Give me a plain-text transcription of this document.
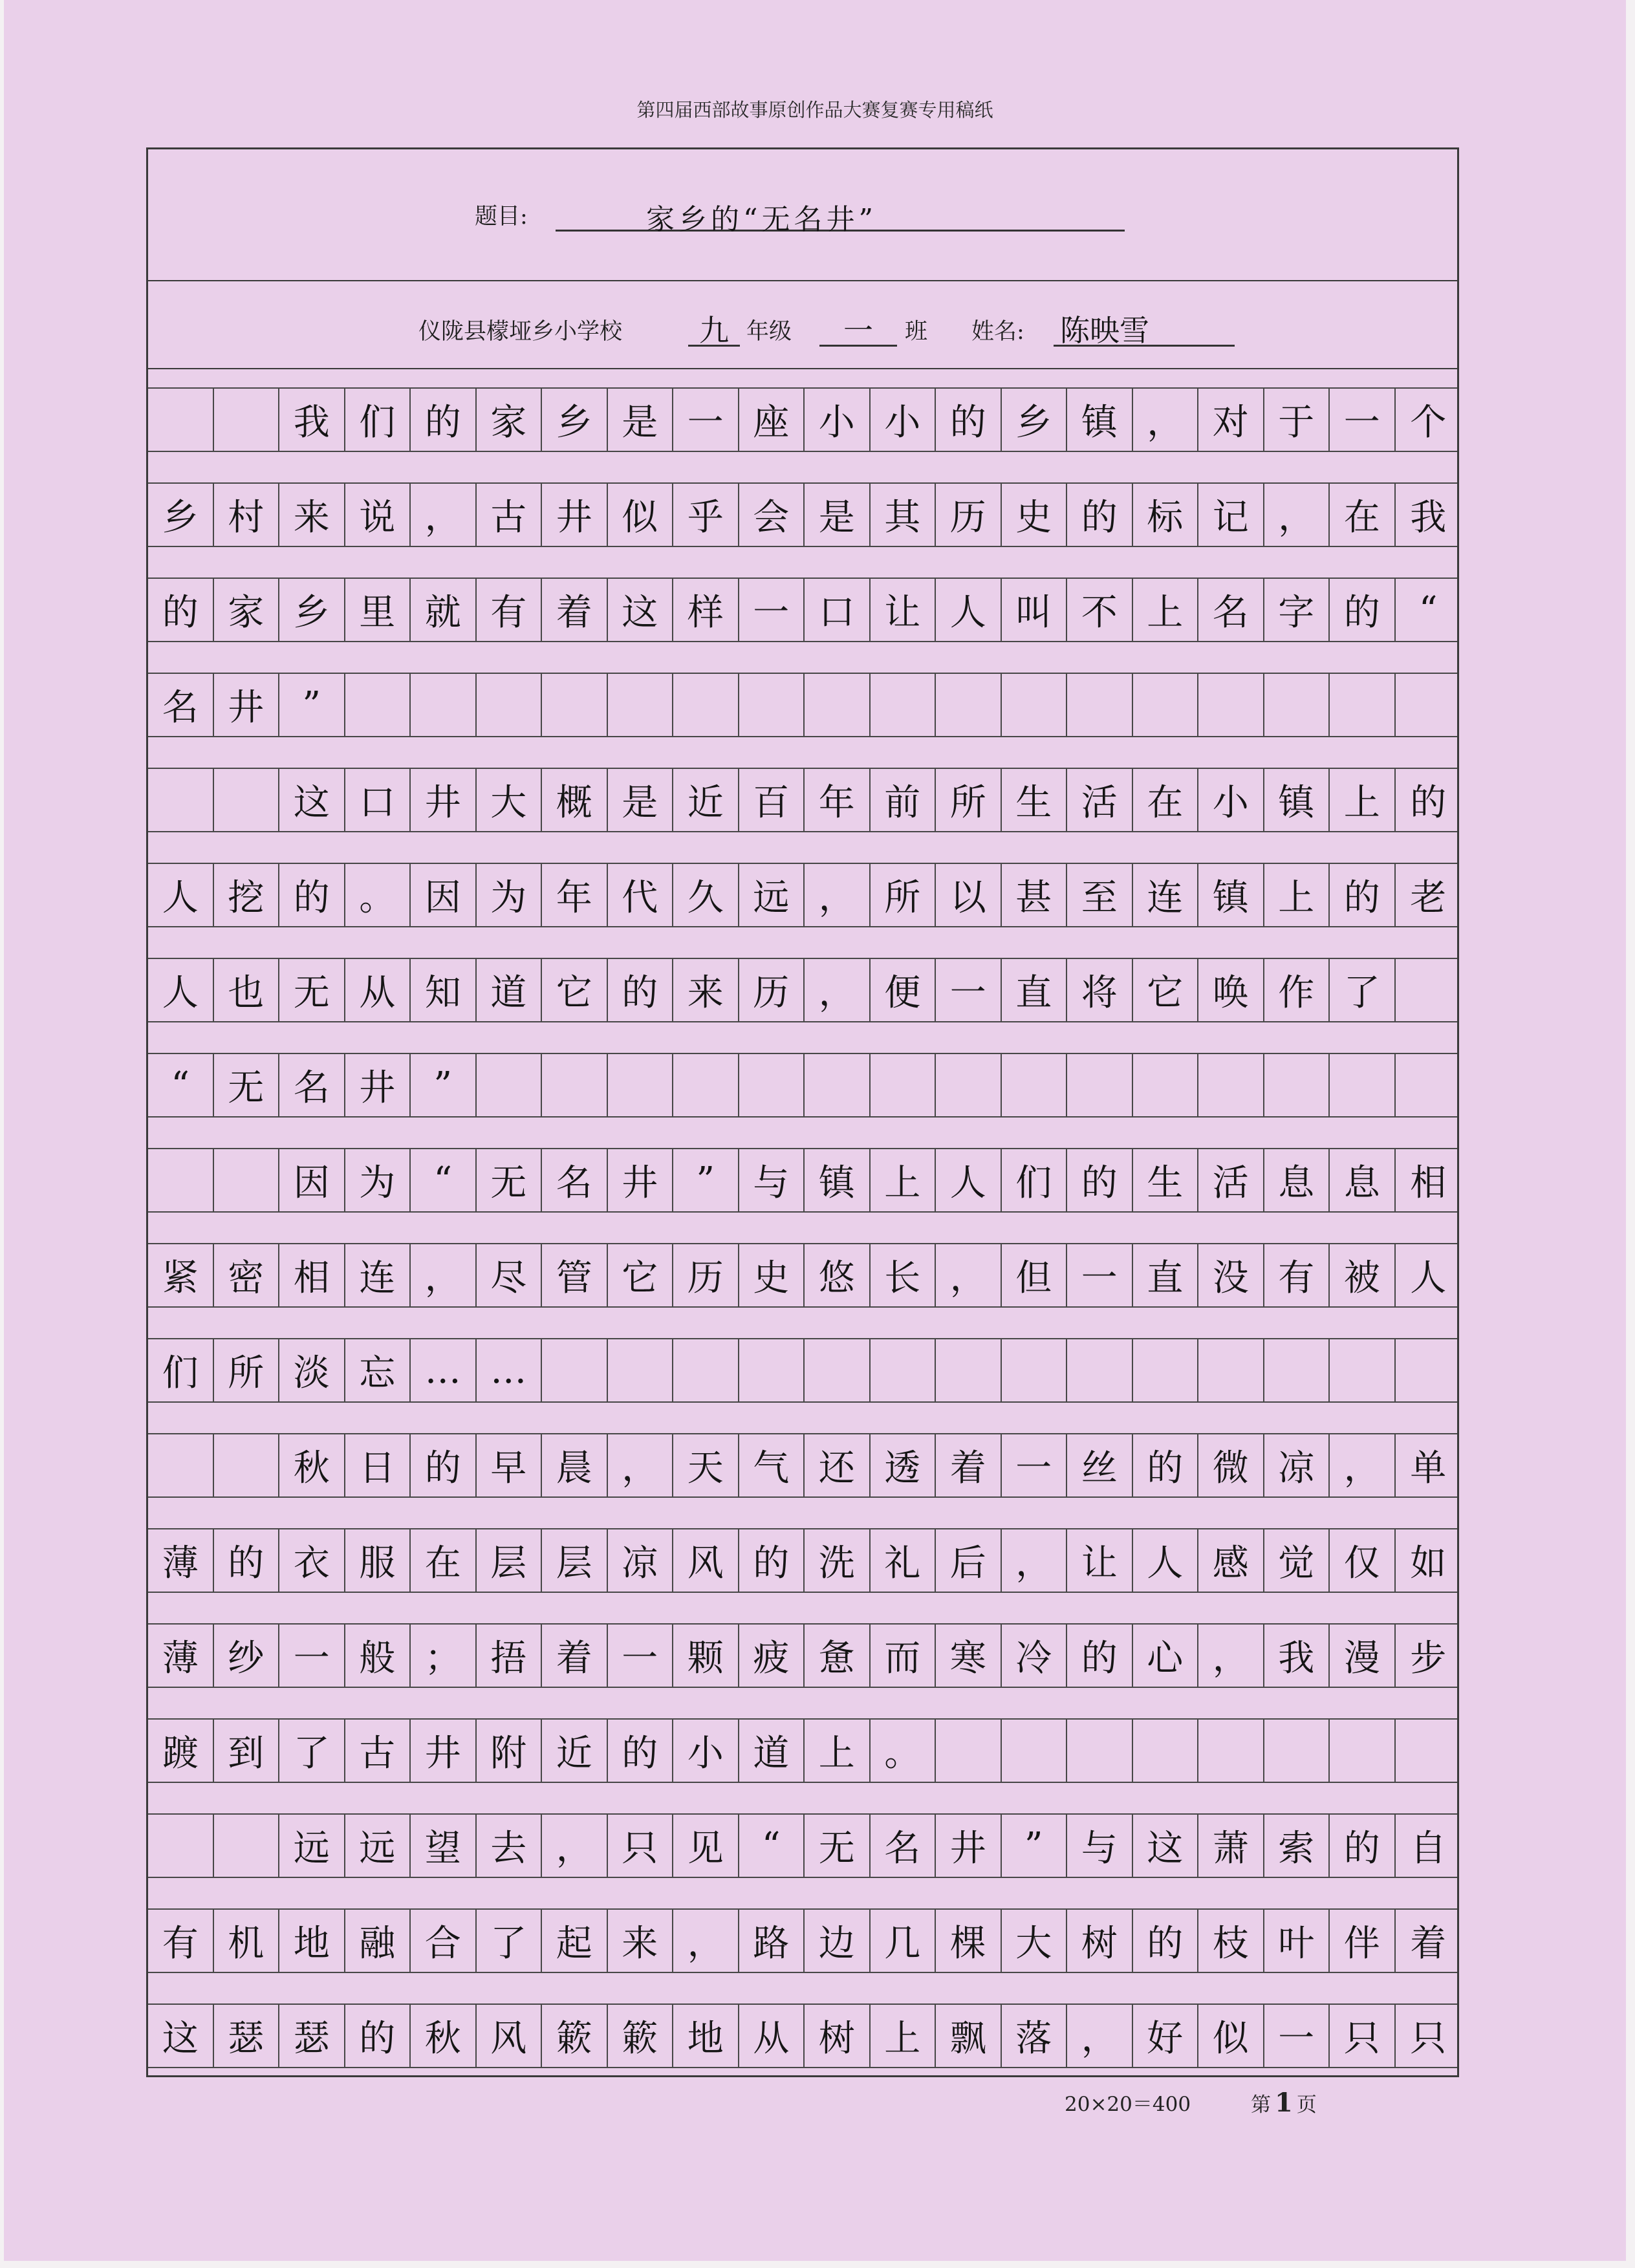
第四届西部故事原创作品大赛复赛专用稿纸
题目:	家乡的“无名井”
仪陇县檬垭乡小学校	九 年级 一 班 姓名: 陈映雪
我 们 的 家 乡 是 一 座 小 小 的 乡 镇 ， 对 于 一 个
乡 村 来 说 ， 古 井 似 乎 会 是 其 历 史 的 标 记 ， 在 我
的 家 乡 里 就 有 着 这 样 一 口 让 人 叫 不 上 名 字 的	“
名 井	”
这 口 井 大 概 是 近 百 年 前 所 生 活 在 小 镇 上 的
人 挖 的 。 因 为 年 代 久 远 ， 所 以 甚 至 连 镇 上 的 老
人 也 无 从 知 道 它 的 来 历 ， 便 一 直 将 它 唤 作 了
“	无 名 井	”
因 为	“	无 名 井	”	与 镇 上 人 们 的 生 活 息 息 相
紧 密 相 连 ， 尽 管 它 历 史 悠 长 ， 但 一 直 没 有 被 人
们 所 淡 忘 … …
秋 日 的 早 晨 ， 天 气 还 透 着 一 丝 的 微 凉 ， 单
薄 的 衣 服 在 层 层 凉 风 的 洗 礼 后 ， 让 人 感 觉 仅 如
薄 纱 一 般 ； 捂 着 一 颗 疲 惫 而 寒 冷 的 心 ， 我 漫 步
踱 到 了 古 井 附 近 的 小 道 上 。
远 远 望 去 ， 只 见	“	无 名 井	”	与 这 萧 索 的 自
有 机 地 融 合 了 起 来 ， 路 边 几 棵 大 树 的 枝 叶 伴 着
这 瑟 瑟 的 秋 风 簌 簌 地 从 树 上 飘 落 ， 好 似 一 只 只
20×20＝400	第 1 页
